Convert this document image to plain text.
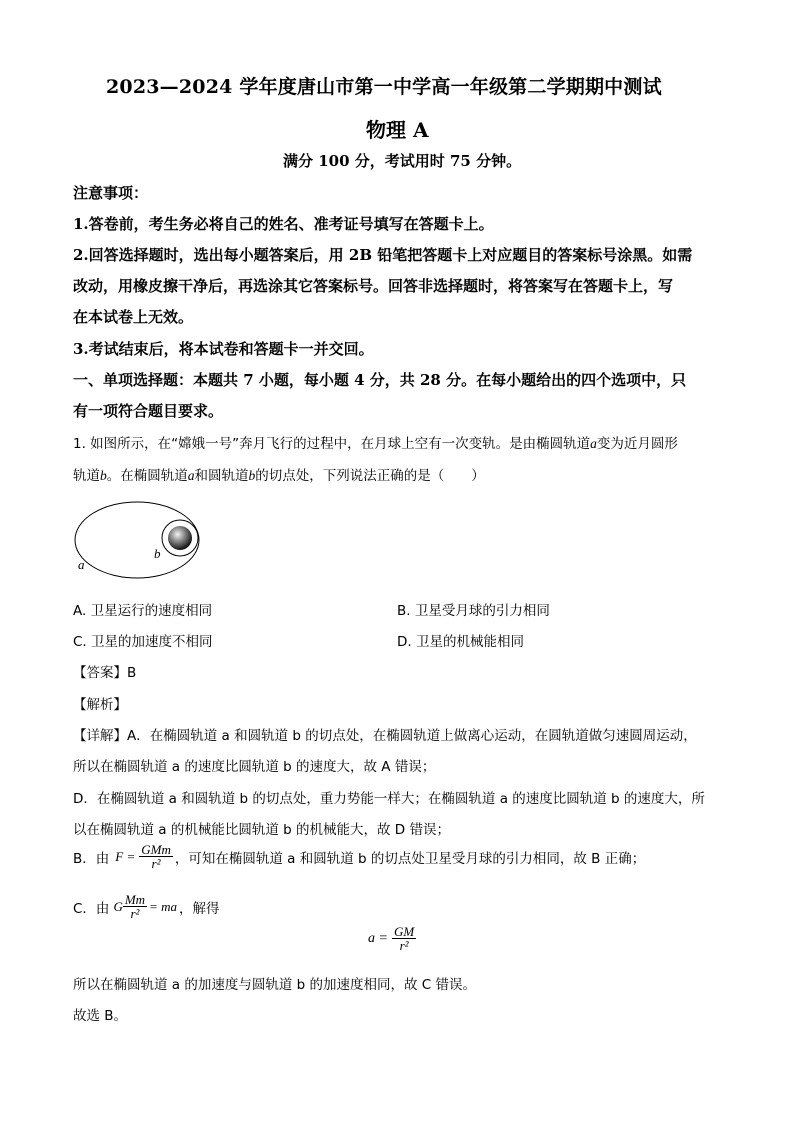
2023—2024 学年度唐山市第一中学高一年级第二学期期中测试
物理 A
满分 100 分，考试用时 75 分钟。
注意事项：
1.答卷前，考生务必将自己的姓名、准考证号填写在答题卡上。
2.回答选择题时，选出每小题答案后，用 2B 铅笔把答题卡上对应题目的答案标号涂黑。如需
改动，用橡皮擦干净后，再选涂其它答案标号。回答非选择题时，将答案写在答题卡上，写
在本试卷上无效。
3.考试结束后，将本试卷和答题卡一并交回。
一、单项选择题：本题共 7 小题，每小题 4 分，共 28 分。在每小题给出的四个选项中，只
有一项符合题目要求。
1. 如图所示，在“嫦娥一号”奔月飞行的过程中，在月球上空有一次变轨。是由椭圆轨道a变为近月圆形
轨道b。在椭圆轨道a和圆轨道b的切点处，下列说法正确的是（　　）
b
a
A. 卫星运行的速度相同	B. 卫星受月球的引力相同
C. 卫星的加速度不相同	D. 卫星的机械能相同
【答案】B
【解析】
【详解】A．在椭圆轨道 a 和圆轨道 b 的切点处，在椭圆轨道上做离心运动，在圆轨道做匀速圆周运动，
所以在椭圆轨道 a 的速度比圆轨道 b 的速度大，故 A 错误；
D．在椭圆轨道 a 和圆轨道 b 的切点处，重力势能一样大；在椭圆轨道 a 的速度比圆轨道 b 的速度大，所
以在椭圆轨道 a 的机械能比圆轨道 b 的机械能大，故 D 错误；
B．由 $F = \frac{\text{GMm}}{\text{r²}}$ ，可知在椭圆轨道 a 和圆轨道 b 的切点处卫星受月球的引力相同，故 B 正确；
C．由 G $\frac{Mm}{\text{r²}}$ = ma ，解得
$a = \frac{GM}{\text{r²}}$
所以在椭圆轨道 a 的加速度与圆轨道 b 的加速度相同，故 C 错误。
故选 B。
